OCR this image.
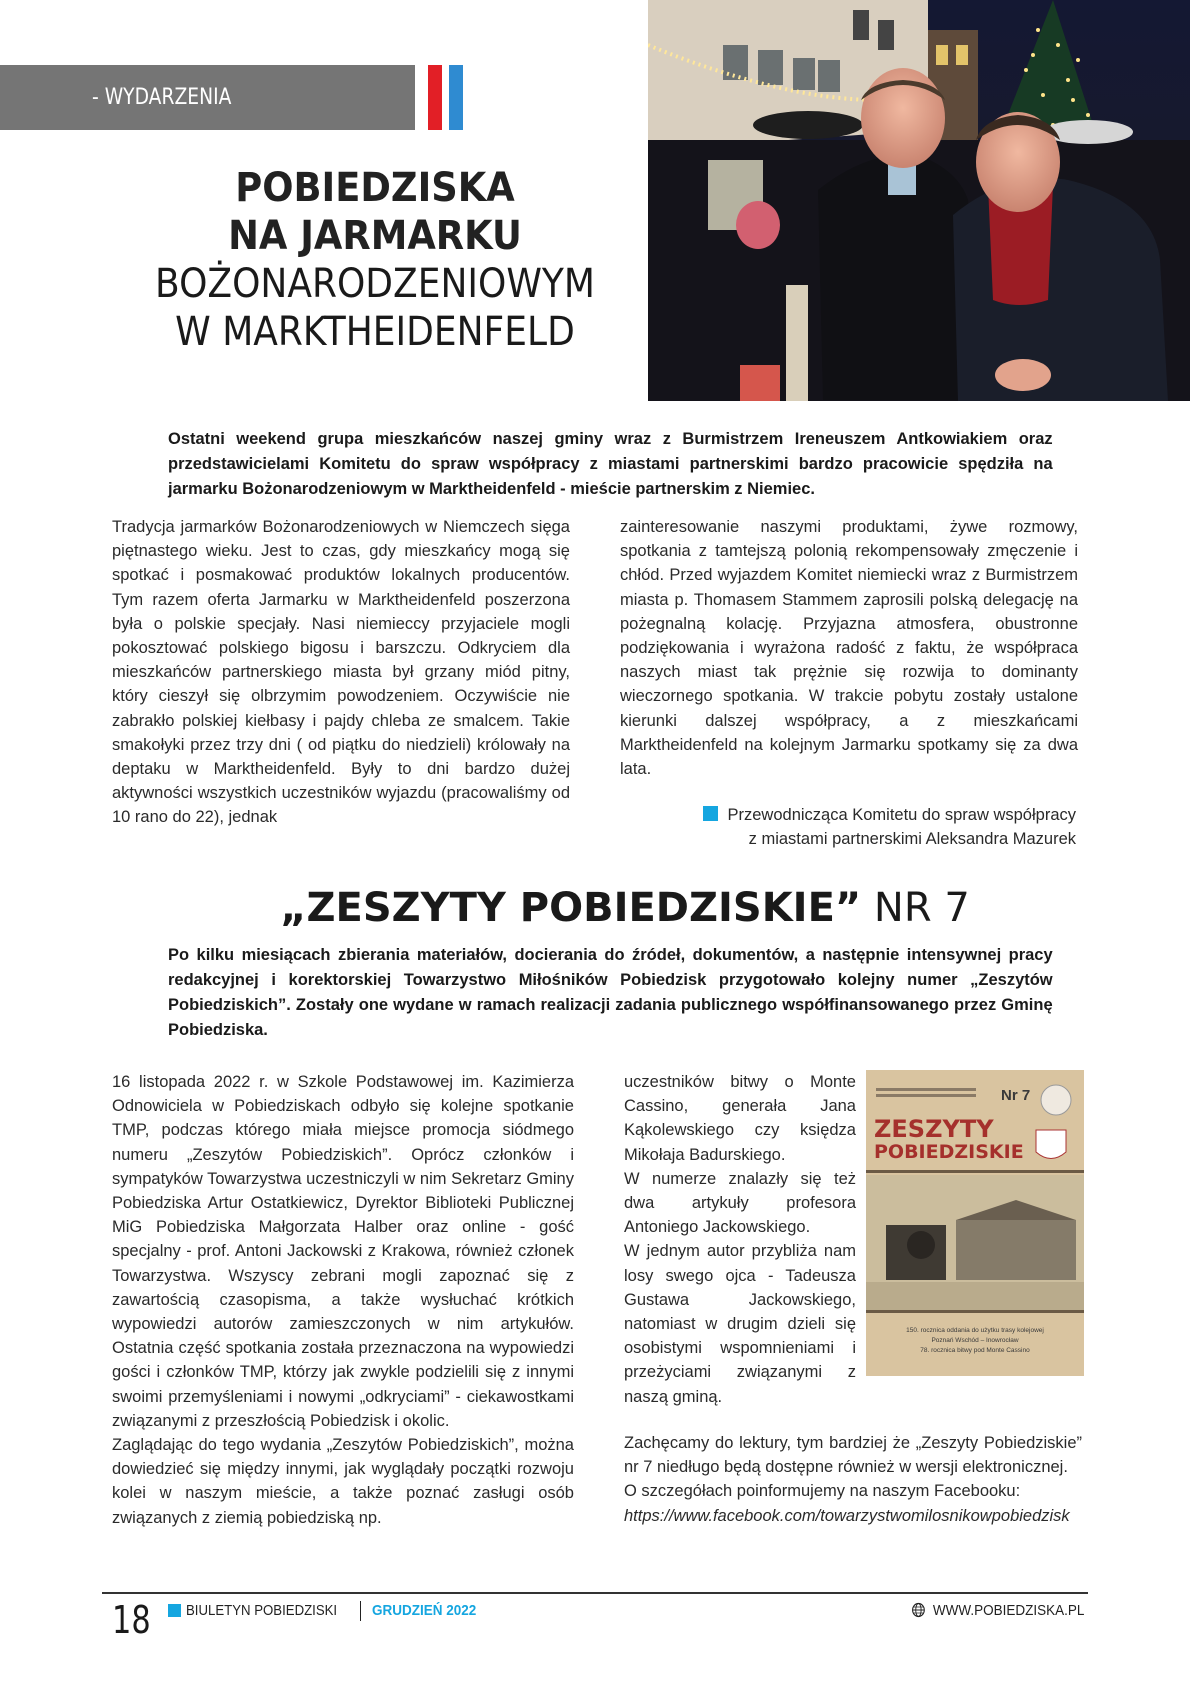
- WYDARZENIA
POBIEDZISKA
NA JARMARKU
BOŻONARODZENIOWYM
W MARKTHEIDENFELD
Ostatni weekend grupa mieszkańców naszej gminy wraz z Burmistrzem Ireneuszem Antkowiakiem oraz przedstawicielami Komitetu do spraw współpracy z miastami partnerskimi bardzo pracowicie spędziła na jarmarku Bożonarodzeniowym w Marktheidenfeld - mieście partnerskim z Niemiec.
Tradycja jarmarków Bożonarodzeniowych w Niemczech sięga piętnastego wieku. Jest to czas, gdy mieszkańcy mogą się spotkać i posmakować produktów lokalnych producentów. Tym razem oferta Jarmarku w Marktheidenfeld poszerzona była o polskie specjały. Nasi niemieccy przyjaciele mogli pokosztować polskiego bigosu i barszczu. Odkryciem dla mieszkańców partnerskiego miasta był grzany miód pitny, który cieszył się olbrzymim powodzeniem. Oczywiście nie zabrakło polskiej kiełbasy i pajdy chleba ze smalcem. Takie smakołyki przez trzy dni ( od piątku do niedzieli) królowały na deptaku w Marktheidenfeld. Były to dni bardzo dużej aktywności wszystkich uczestników wyjazdu (pracowaliśmy od 10 rano do 22), jednak
zainteresowanie naszymi produktami, żywe rozmowy, spotkania z tamtejszą polonią rekompensowały zmęczenie i chłód. Przed wyjazdem Komitet niemiecki wraz z Burmistrzem miasta p. Thomasem Stammem zaprosili polską delegację na pożegnalną kolację. Przyjazna atmosfera, obustronne podziękowania i wyrażona radość z faktu, że współpraca naszych miast tak prężnie się rozwija to dominanty wieczornego spotkania. W trakcie pobytu zostały ustalone kierunki dalszej współpracy, a z mieszkańcami Marktheidenfeld na kolejnym Jarmarku spotkamy się za dwa lata.
Przewodnicząca Komitetu do spraw współpracy
z miastami partnerskimi Aleksandra Mazurek
„ZESZYTY POBIEDZISKIE” NR 7
Po kilku miesiącach zbierania materiałów, docierania do źródeł, dokumentów, a następnie intensywnej pracy redakcyjnej i korektorskiej Towarzystwo Miłośników Pobiedzisk przygotowało kolejny numer „Zeszytów Pobiedziskich”. Zostały one wydane w ramach realizacji zadania publicznego współfinansowanego przez Gminę Pobiedziska.

16 listopada 2022 r. w Szkole Podstawowej im. Kazimierza Odnowiciela w Pobiedziskach odbyło się kolejne spotkanie TMP, podczas którego miała miejsce promocja siódmego numeru „Zeszytów Pobiedziskich”. Oprócz członków i sympatyków Towarzystwa uczestniczyli w nim Sekretarz Gminy Pobiedziska Artur Ostatkiewicz, Dyrektor Biblioteki Publicznej MiG Pobiedziska Małgorzata Halber oraz online - gość specjalny - prof. Antoni Jackowski z Krakowa, również członek Towarzystwa. Wszyscy zebrani mogli zapoznać się z zawartością czasopisma, a także wysłuchać krótkich wypowiedzi autorów zamieszczonych w nim artykułów. Ostatnia część spotkania została przeznaczona na wypowiedzi gości i członków TMP, którzy jak zwykle podzielili się z innymi swoimi przemyśleniami i nowymi „odkryciami” - ciekawostkami związanymi z przeszłością Pobiedzisk i okolic.

Zaglądając do tego wydania „Zeszytów Pobiedziskich”, można dowiedzieć się między innymi, jak wyglądały początki rozwoju kolei w naszym mieście, a także poznać zasługi osób związanych z ziemią pobiedziską np.

uczestników bitwy o Monte Cassino, generała Jana Kąkolewskiego czy księdza Mikołaja Badurskiego.

W numerze znalazły się też dwa artykuły profesora Antoniego Jackowskiego.

W jednym autor przybliża nam losy swego ojca - Tadeusza Gustawa Jackowskiego, natomiast w drugim dzieli się osobistymi wspomnieniami i przeżyciami związanymi z naszą gminą.

Zachęcamy do lektury, tym bardziej że „Zeszyty Pobiedziskie” nr 7 niedługo będą dostępne również w wersji elektronicznej.

O szczegółach poinformujemy na naszym Facebooku:

https://www.facebook.com/towarzystwomilosnikowpobiedzisk

Nr 7
ZESZYTY
POBIEDZISKIE
150. rocznica oddania do użytku trasy kolejowej
Poznań Wschód – Inowrocław
78. rocznica bitwy pod Monte Cassino
18 BIULETYN POBIEDZISKI GRUDZIEŃ 2022	WWW.POBIEDZISKA.PL
